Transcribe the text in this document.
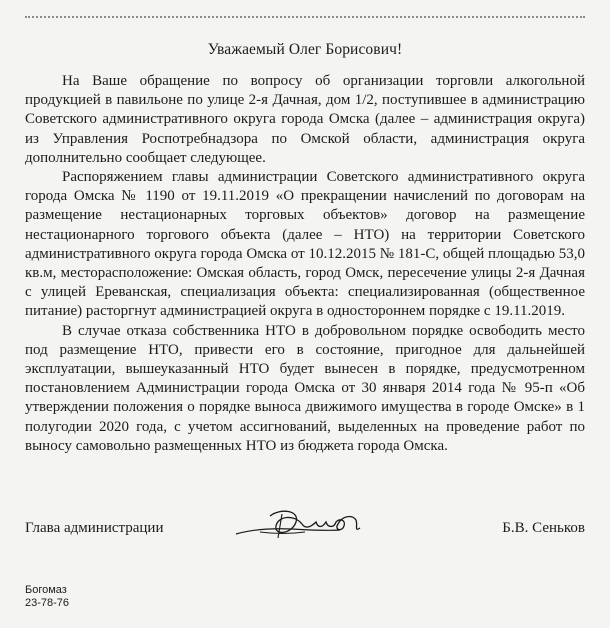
Уважаемый Олег Борисович!

На Ваше обращение по вопросу об организации торговли алкогольной продукцией в павильоне по улице 2-я Дачная, дом 1/2, поступившее в администрацию Советского административного округа города Омска (далее – администрация округа) из Управления Роспотребнадзора по Омской области, администрация округа дополнительно сообщает следующее.

Распоряжением главы администрации Советского административного округа города Омска № 1190 от 19.11.2019 «О прекращении начислений по договорам на размещение нестационарных торговых объектов» договор на размещение нестационарного торгового объекта (далее – НТО) на территории Советского административного округа города Омска от 10.12.2015 № 181-С, общей площадью 53,0 кв.м, месторасположение: Омская область, город Омск, пересечение улицы 2-я Дачная с улицей Ереванская, специализация объекта: специализированная (общественное питание) расторгнут администрацией округа в одностороннем порядке с 19.11.2019.

В случае отказа собственника НТО в добровольном порядке освободить место под размещение НТО, привести его в состояние, пригодное для дальнейшей эксплуатации, вышеуказанный НТО будет вынесен в порядке, предусмотренном постановлением Администрации города Омска от 30 января 2014 года № 95-п «Об утверждении положения о порядке выноса движимого имущества в городе Омске» в 1 полугодии 2020 года, с учетом ассигнований, выделенных на проведение работ по выносу самовольно размещенных НТО из бюджета города Омска.

Глава администрации	Б.В. Сеньков
Богомаз
23-78-76
